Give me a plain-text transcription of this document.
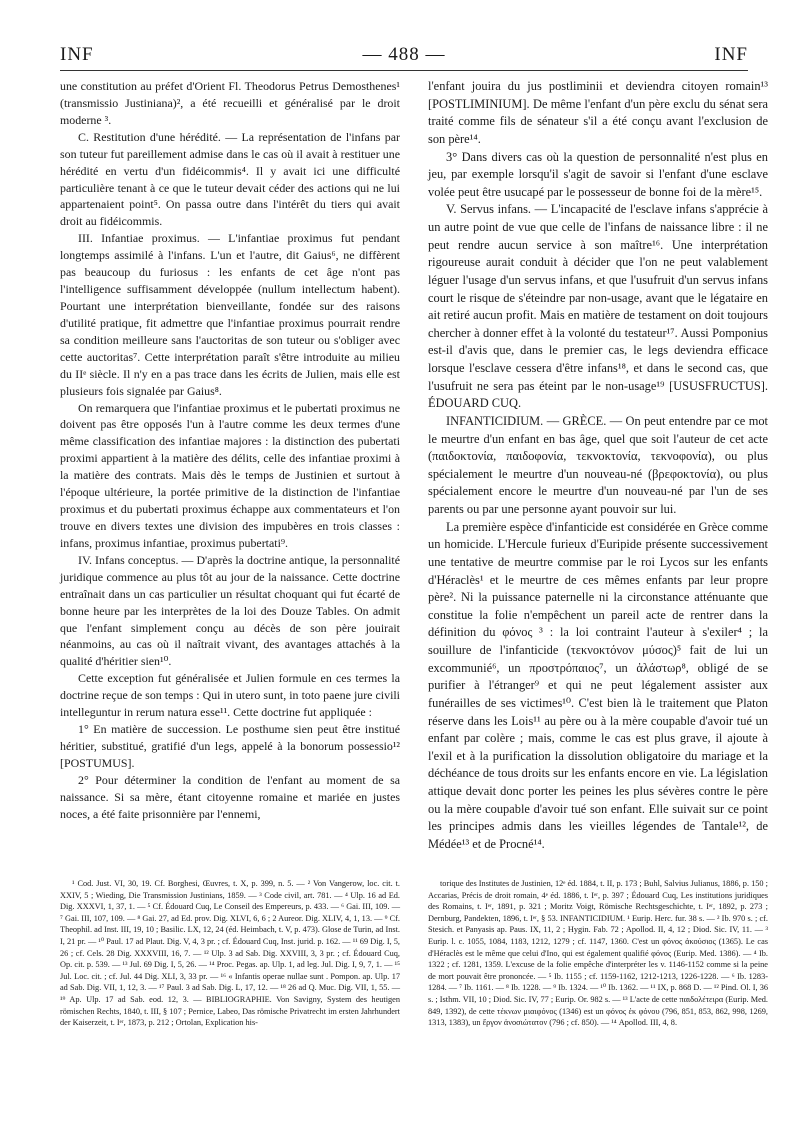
INF	— 488 —	INF

une constitution au préfet d'Orient Fl. Theodorus Petrus Demosthenes¹ (transmissio Justiniana)², a été recueilli et généralisé par le droit moderne ³.

C. Restitution d'une hérédité. — La représentation de l'infans par son tuteur fut pareillement admise dans le cas où il avait à restituer une hérédité en vertu d'un fidéicommis⁴. Il y avait ici une difficulté particulière tenant à ce que le tuteur devait céder des actions qui ne lui appartenaient point⁵. On passa outre dans l'intérêt du tiers qui avait droit au fidéicommis.

III. Infantiae proximus. — L'infantiae proximus fut pendant longtemps assimilé à l'infans. L'un et l'autre, dit Gaius⁶, ne diffèrent pas beaucoup du furiosus : les enfants de cet âge n'ont pas l'intelligence suffisamment développée (nullum intellectum habent). Pourtant une interprétation bienveillante, fondée sur des raisons d'utilité pratique, fit admettre que l'infantiae proximus pourrait rendre sa condition meilleure sans l'auctoritas de son tuteur ou s'obliger avec cette auctoritas⁷. Cette interprétation paraît s'être introduite au milieu du IIᵉ siècle. Il n'y en a pas trace dans les écrits de Julien, mais elle est plusieurs fois signalée par Gaius⁸.

On remarquera que l'infantiae proximus et le pubertati proximus ne doivent pas être opposés l'un à l'autre comme les deux termes d'une même classification des infantiae majores : la distinction des pubertati proximi appartient à la matière des délits, celle des infantiae proximi à la matière des contrats. Mais dès le temps de Justinien et surtout à l'époque ultérieure, la portée primitive de la distinction de l'infantiae proximus et du pubertati proximus échappe aux commentateurs et l'on trouve en divers textes une division des impubères en trois classes : infans, proximus infantiae, proximus pubertati⁹.

IV. Infans conceptus. — D'après la doctrine antique, la personnalité juridique commence au plus tôt au jour de la naissance. Cette doctrine entraînait dans un cas particulier un résultat choquant qui fut écarté de bonne heure par les interprètes de la loi des Douze Tables. On admit que l'enfant simplement conçu au décès de son père jouirait néanmoins, au cas où il naîtrait vivant, des avantages attachés à la qualité d'héritier sien¹⁰.

Cette exception fut généralisée et Julien formule en ces termes la doctrine reçue de son temps : Qui in utero sunt, in toto paene jure civili intelleguntur in rerum natura esse¹¹. Cette doctrine fut appliquée :

1° En matière de succession. Le posthume sien peut être institué héritier, substitué, gratifié d'un legs, appelé à la bonorum possessio¹² [POSTUMUS].

2° Pour déterminer la condition de l'enfant au moment de sa naissance. Si sa mère, étant citoyenne romaine et mariée en justes noces, a été faite prisonnière par l'ennemi,

l'enfant jouira du jus postliminii et deviendra citoyen romain¹³ [POSTLIMINIUM]. De même l'enfant d'un père exclu du sénat sera traité comme fils de sénateur s'il a été conçu avant l'exclusion de son père¹⁴.

3° Dans divers cas où la question de personnalité n'est plus en jeu, par exemple lorsqu'il s'agit de savoir si l'enfant d'une esclave volée peut être usucapé par le possesseur de bonne foi de la mère¹⁵.

V. Servus infans. — L'incapacité de l'esclave infans s'apprécie à un autre point de vue que celle de l'infans de naissance libre : il ne peut rendre aucun service à son maître¹⁶. Une interprétation rigoureuse aurait conduit à décider que l'on ne peut valablement léguer l'usage d'un servus infans, et que l'usufruit d'un servus infans court le risque de s'éteindre par non-usage, avant que le légataire en ait retiré aucun profit. Mais en matière de testament on doit toujours chercher à donner effet à la volonté du testateur¹⁷. Aussi Pomponius est-il d'avis que, dans le premier cas, le legs deviendra efficace lorsque l'esclave cessera d'être infans¹⁸, et dans le second cas, que l'usufruit ne sera pas éteint par le non-usage¹⁹ [USUSFRUCTUS]. ÉDOUARD CUQ.

INFANTICIDIUM. — GRÈCE. — On peut entendre par ce mot le meurtre d'un enfant en bas âge, quel que soit l'auteur de cet acte (παιδοκτονία, παιδοφονία, τεκνοκτονία, τεκνοφονία), ou plus spécialement le meurtre d'un nouveau-né (βρεφοκτονία), ou plus spécialement encore le meurtre d'un nouveau-né par l'un de ses parents ou par une personne ayant pouvoir sur lui.

La première espèce d'infanticide est considérée en Grèce comme un homicide. L'Hercule furieux d'Euripide présente successivement une tentative de meurtre commise par le roi Lycos sur les enfants d'Héraclès¹ et le meurtre de ces mêmes enfants par leur propre père². Ni la puissance paternelle ni la circonstance atténuante que constitue la folie n'empêchent un pareil acte de rentrer dans la définition du φόνος ³ : la loi contraint l'auteur à s'exiler⁴ ; la souillure de l'infanticide (τεκνοκτόνον μύσος)⁵ fait de lui un excommunié⁶, un προστρόπαιος⁷, un ἀλάστωρ⁸, obligé de se purifier à l'étranger⁹ et qui ne peut légalement assister aux funérailles de ses victimes¹⁰. C'est bien là le traitement que Platon réserve dans les Lois¹¹ au père ou à la mère coupable d'avoir tué un enfant par colère ; mais, comme le cas est plus grave, il ajoute à l'exil et à la purification la dissolution obligatoire du mariage et la déchéance de tous droits sur les enfants encore en vie. La législation attique devait donc porter les peines les plus sévères contre le père ou la mère coupable d'avoir tué son enfant. Elle suivait sur ce point les principes admis dans les vieilles légendes de Tantale¹², de Médée¹³ et de Procné¹⁴.

¹ Cod. Just. VI, 30, 19. Cf. Borghesi, Œuvres, t. X, p. 399, n. 5. — ² Von Vangerow, loc. cit. t. XXIV, 5 ; Wieding, Die Transmission Justinians, 1859. — ³ Code civil, art. 781. — ⁴ Ulp. 16 ad Ed. Dig. XXXVI, 1, 37, 1. — ⁵ Cf. Édouard Cuq, Le Conseil des Empereurs, p. 433. — ⁶ Gai. III, 109. — ⁷ Gai. III, 107, 109. — ⁸ Gai. 27, ad Ed. prov. Dig. XLVI, 6, 6 ; 2 Aureor. Dig. XLIV, 4, 1, 13. — ⁹ Cf. Theophil. ad Inst. III, 19, 10 ; Basilic. LX, 12, 24 (éd. Heimbach, t. V, p. 473). Glose de Turin, ad Inst. I, 21 pr. — ¹⁰ Paul. 17 ad Plaut. Dig. V, 4, 3 pr. ; cf. Édouard Cuq, Inst. jurid. p. 162. — ¹¹ 69 Dig. I, 5, 26 ; cf. Cels. 28 Dig. XXXVIII, 16, 7. — ¹² Ulp. 3 ad Sab. Dig. XXVIII, 3, 3 pr. ; cf. Édouard Cuq, Op. cit. p. 539. — ¹³ Jul. 69 Dig. I, 5, 26. — ¹⁴ Proc. Pegas. ap. Ulp. 1, ad leg. Jul. Dig. I, 9, 7, 1. — ¹⁵ Jul. Loc. cit. ; cf. Jul. 44 Dig. XLI, 3, 33 pr. — ¹⁶ « Infantis operae nullae sunt . Pompon. ap. Ulp. 17 ad Sab. Dig. VII, 1, 12, 3. — ¹⁷ Paul. 3 ad Sab. Dig. L, 17, 12. — ¹⁸ 26 ad Q. Muc. Dig. VII, 1, 55. — ¹⁹ Ap. Ulp. 17 ad Sab. eod. 12, 3. — BIBLIOGRAPHIE. Von Savigny, System des heutigen römischen Rechts, 1840, t. III, § 107 ; Pernice, Labeo, Das römische Privatrecht im ersten Jahrhundert der Kaiserzeit, t. Iᵉʳ, 1873, p. 212 ; Ortolan, Explication his-

torique des Institutes de Justinien, 12ᵉ éd. 1884, t. II, p. 173 ; Buhl, Salvius Julianus, 1886, p. 150 ; Accarias, Précis de droit romain, 4ᵉ éd. 1886, t. Iᵉʳ, p. 397 ; Édouard Cuq, Les institutions juridiques des Romains, t. Iᵉʳ, 1891, p. 321 ; Moritz Voigt, Römische Rechtsgeschichte, t. Iᵉʳ, 1892, p. 273 ; Dernburg, Pandekten, 1896, t. Iᵉʳ, § 53. INFANTICIDIUM. ¹ Eurip. Herc. fur. 38 s. — ² Ib. 970 s. ; cf. Stesich. et Panyasis ap. Paus. IX, 11, 2 ; Hygin. Fab. 72 ; Apollod. II, 4, 12 ; Diod. Sic. IV, 11. — ³ Eurip. l. c. 1055, 1084, 1183, 1212, 1279 ; cf. 1147, 1360. C'est un φόνος ἀκούσιος (1365). Le cas d'Héraclès est le même que celui d'Ino, qui est également qualifié φόνος (Eurip. Med. 1386). — ⁴ Ib. 1322 ; cf. 1281, 1359. L'excuse de la folie empêche d'interpréter les v. 1146-1152 comme si la peine de mort pouvait être prononcée. — ⁵ Ib. 1155 ; cf. 1159-1162, 1212-1213, 1226-1228. — ⁶ Ib. 1283-1284. — ⁷ Ib. 1161. — ⁸ Ib. 1228. — ⁹ Ib. 1324. — ¹⁰ Ib. 1362. — ¹¹ IX, p. 868 D. — ¹² Pind. Ol. I, 36 s. ; Isthm. VII, 10 ; Diod. Sic. IV, 77 ; Eurip. Or. 982 s. — ¹³ L'acte de cette παιδολέτειρα (Eurip. Med. 849, 1392), de cette τέκνων μιαιφόνος (1346) est un φόνος ἐκ φόνου (796, 851, 853, 862, 998, 1269, 1313, 1383), un ἔργον ἀνοσιώτατον (796 ; cf. 850). — ¹⁴ Apollod. III, 4, 8.
